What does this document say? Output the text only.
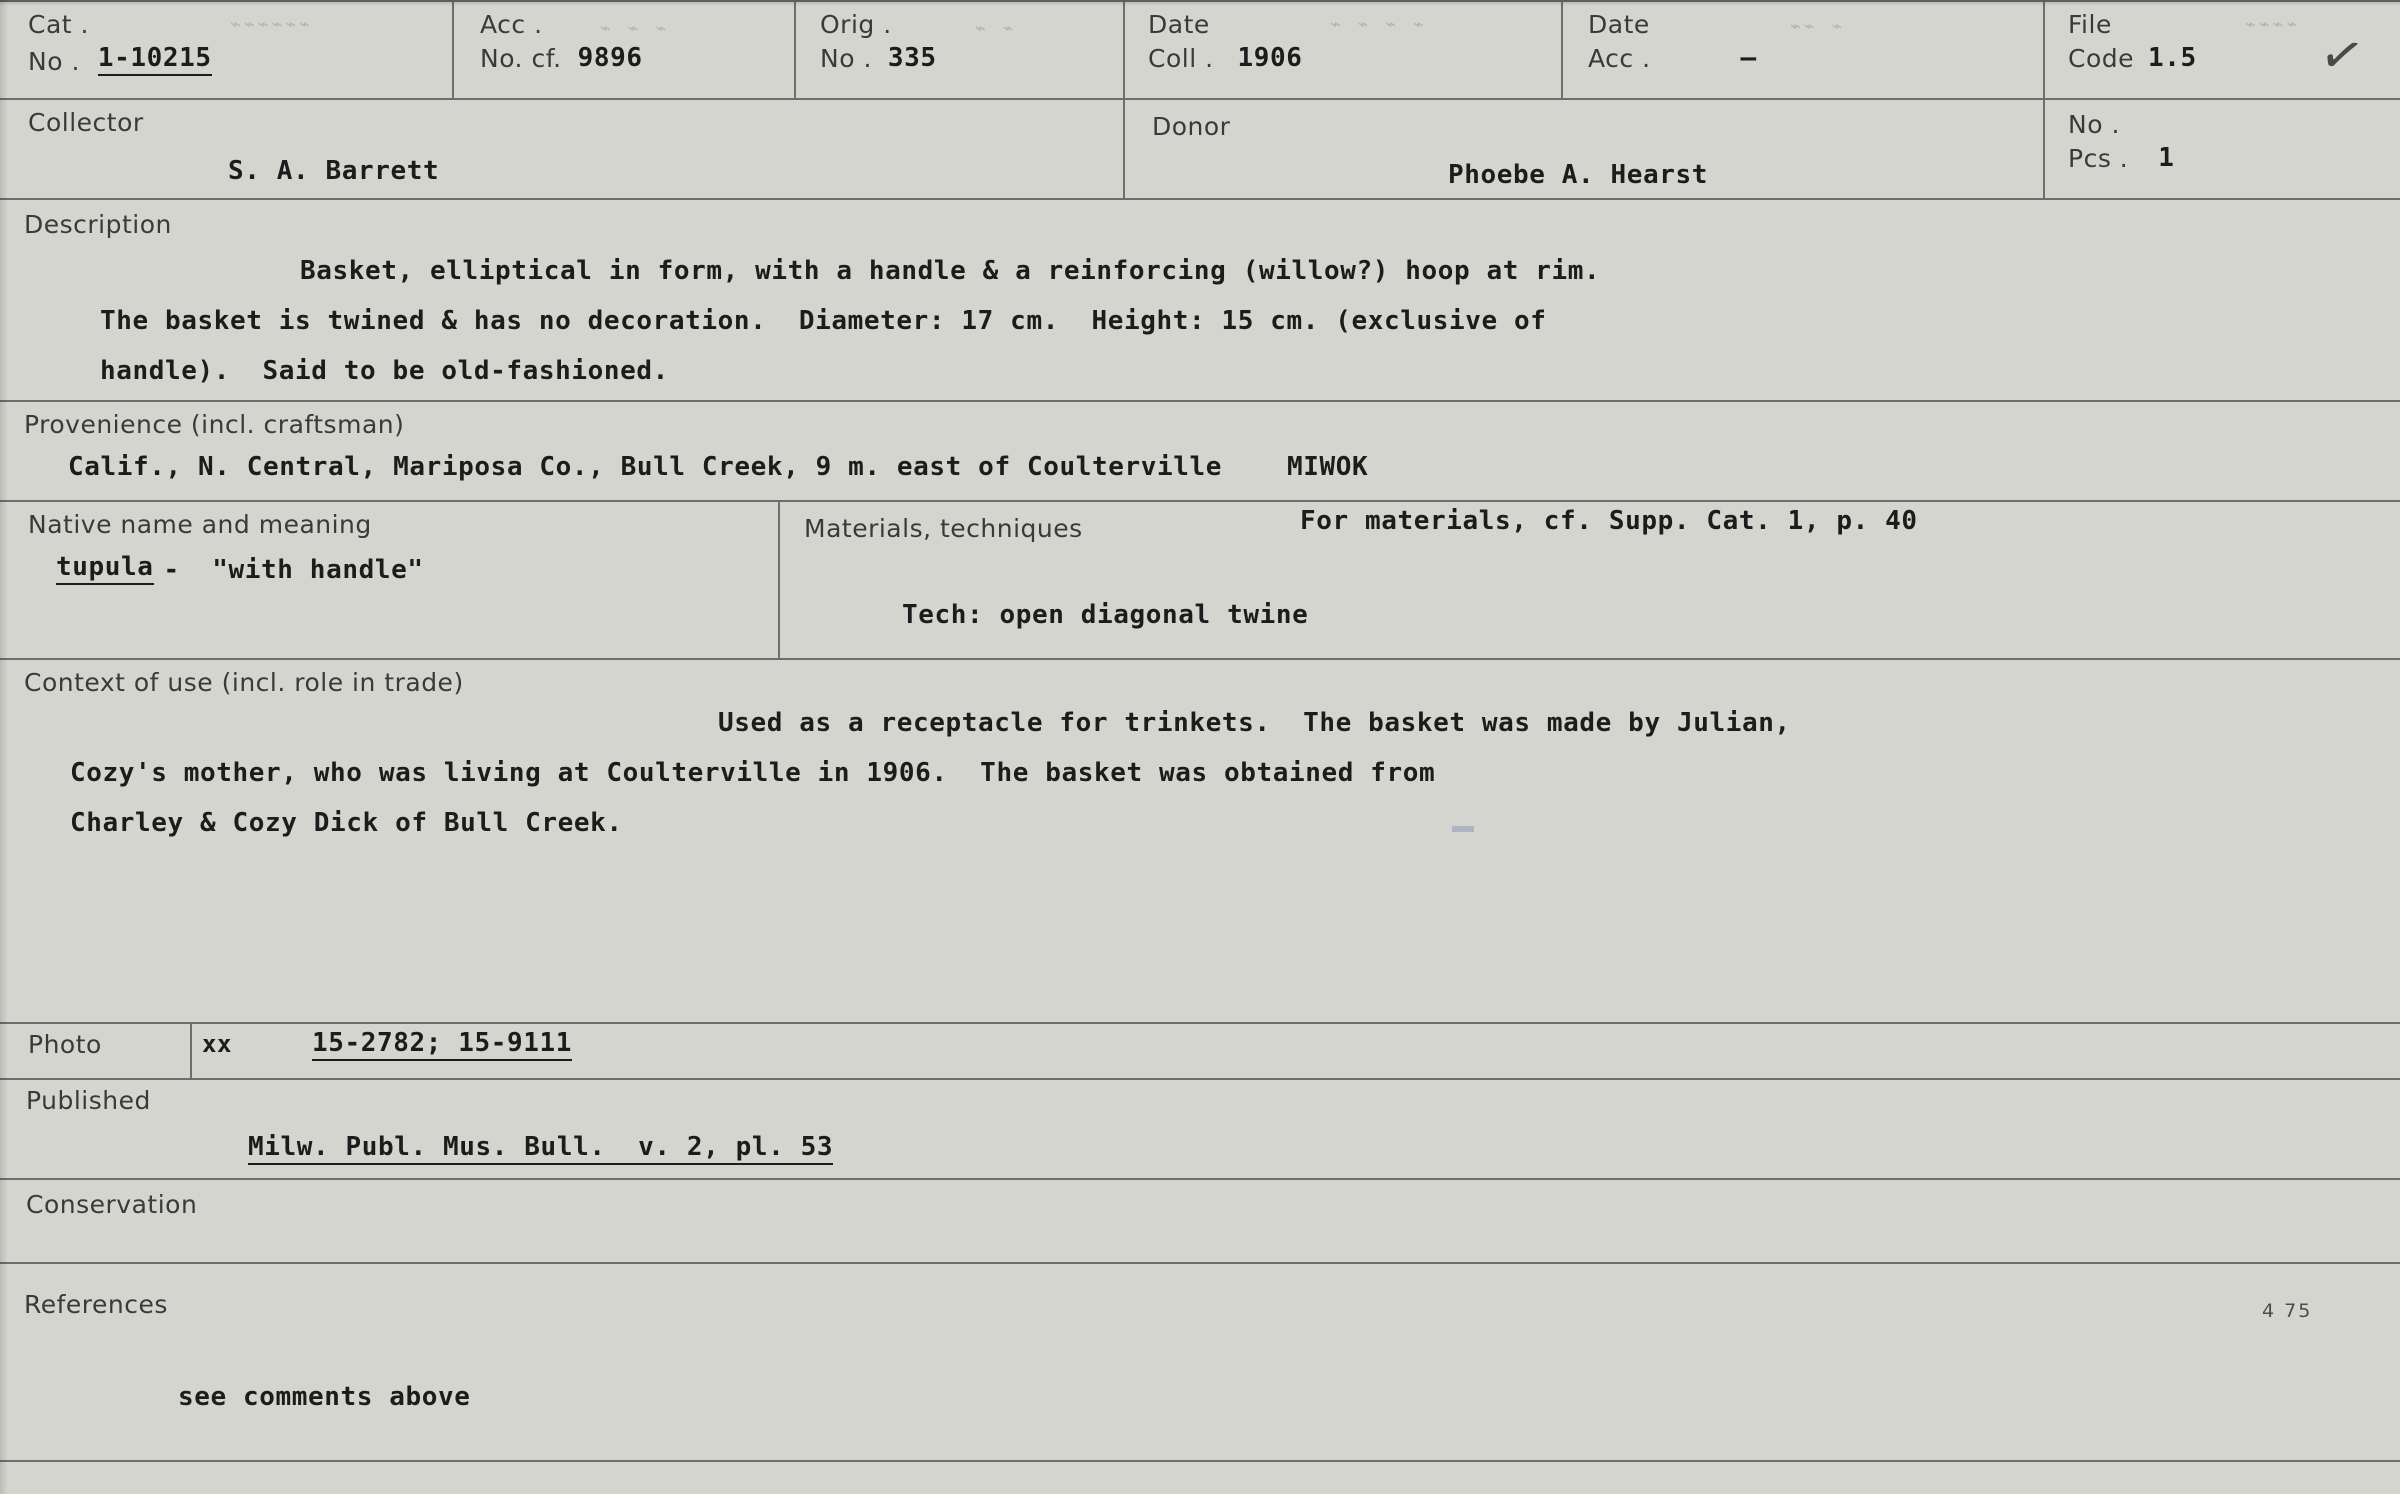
⌁⌁⌁⌁⌁⌁	⌁ ⌁ ⌁	⌁ ⌁	⌁ ⌁ ⌁ ⌁	⌁⌁ ⌁	⌁⌁⌁⌁ ✓
Cat .
No . 1-10215
Acc .
No. cf. 9896
Orig .
No . 335
Date
Coll . 1906
Date
Acc .	—
File
Code 1.5
Collector
S. A. Barrett
Donor
Phoebe A. Hearst
No .
Pcs . 1
Description
Basket, elliptical in form, with a handle & a reinforcing (willow?) hoop at rim.
The basket is twined & has no decoration.  Diameter: 17 cm.  Height: 15 cm. (exclusive of
handle).  Said to be old-fashioned.
Provenience (incl. craftsman)
Calif., N. Central, Mariposa Co., Bull Creek, 9 m. east of Coulterville    MIWOK
Native name and meaning
tupula -  "with handle"
Materials, techniques	For materials, cf. Supp. Cat. 1, p. 40
Tech: open diagonal twine
Context of use (incl. role in trade)
Used as a receptacle for trinkets.  The basket was made by Julian,
Cozy's mother, who was living at Coulterville in 1906.  The basket was obtained from
Charley & Cozy Dick of Bull Creek.
Photo	xx	15-2782; 15-9111
Published
Milw. Publ. Mus. Bull.  v. 2, pl. 53
Conservation
References
see comments above
4 75
